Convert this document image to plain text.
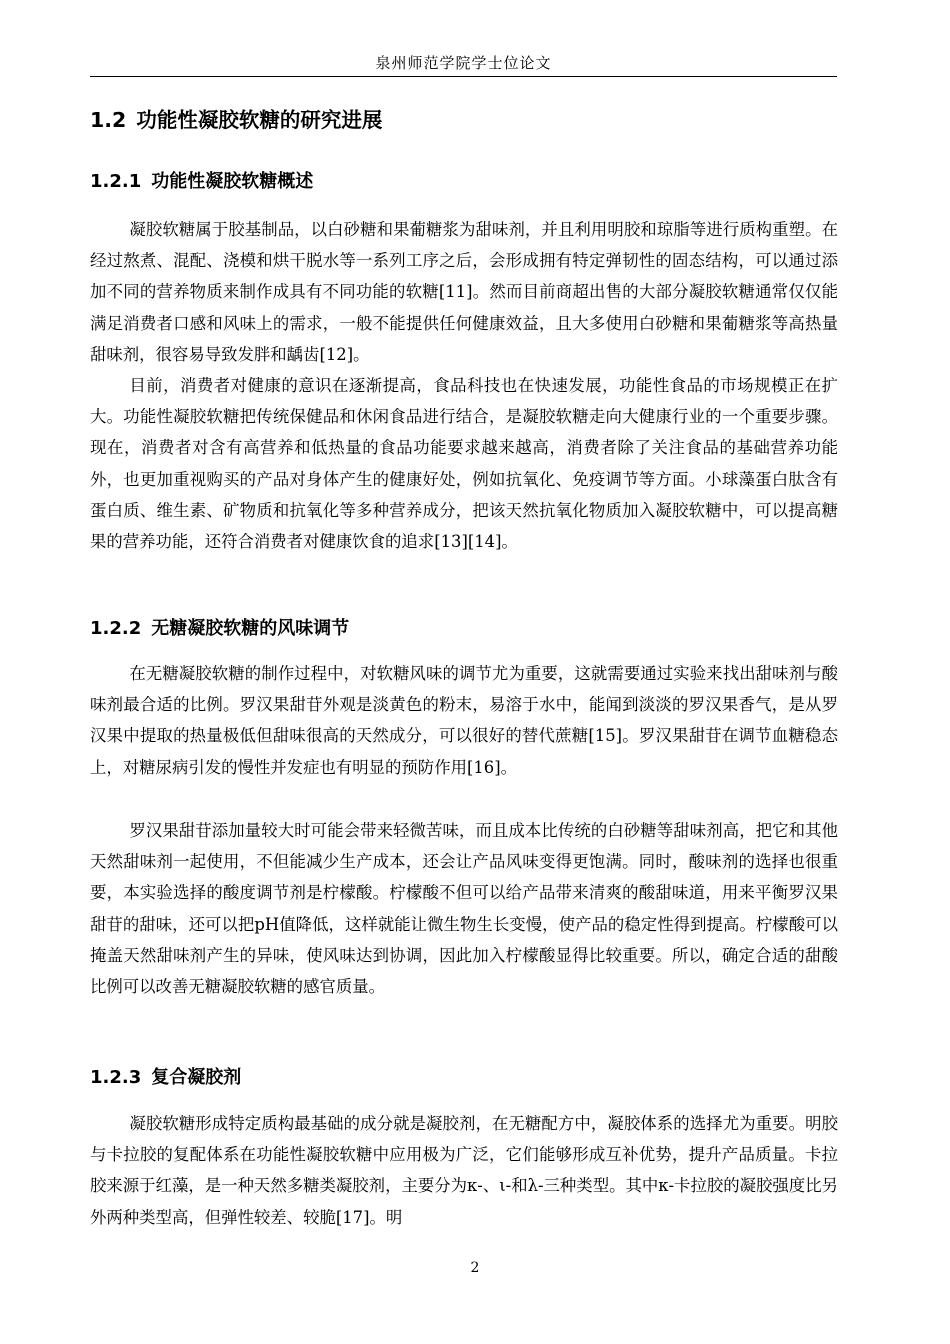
泉州师范学院学士位论文
1.2 功能性凝胶软糖的研究进展
1.2.1 功能性凝胶软糖概述

凝胶软糖属于胶基制品，以白砂糖和果葡糖浆为甜味剂，并且利用明胶和琼脂等进行质构重塑。在经过熬煮、混配、浇模和烘干脱水等一系列工序之后，会形成拥有特定弹韧性的固态结构，可以通过添加不同的营养物质来制作成具有不同功能的软糖[11]。然而目前商超出售的大部分凝胶软糖通常仅仅能满足消费者口感和风味上的需求，一般不能提供任何健康效益，且大多使用白砂糖和果葡糖浆等高热量甜味剂，很容易导致发胖和龋齿[12]。

目前，消费者对健康的意识在逐渐提高，食品科技也在快速发展，功能性食品的市场规模正在扩大。功能性凝胶软糖把传统保健品和休闲食品进行结合，是凝胶软糖走向大健康行业的一个重要步骤。现在，消费者对含有高营养和低热量的食品功能要求越来越高，消费者除了关注食品的基础营养功能外，也更加重视购买的产品对身体产生的健康好处，例如抗氧化、免疫调节等方面。小球藻蛋白肽含有蛋白质、维生素、矿物质和抗氧化等多种营养成分，把该天然抗氧化物质加入凝胶软糖中，可以提高糖果的营养功能，还符合消费者对健康饮食的追求[13][14]。

1.2.2 无糖凝胶软糖的风味调节

在无糖凝胶软糖的制作过程中，对软糖风味的调节尤为重要，这就需要通过实验来找出甜味剂与酸味剂最合适的比例。罗汉果甜苷外观是淡黄色的粉末，易溶于水中，能闻到淡淡的罗汉果香气，是从罗汉果中提取的热量极低但甜味很高的天然成分，可以很好的替代蔗糖[15]。罗汉果甜苷在调节血糖稳态上，对糖尿病引发的慢性并发症也有明显的预防作用[16]。

罗汉果甜苷添加量较大时可能会带来轻微苦味，而且成本比传统的白砂糖等甜味剂高，把它和其他天然甜味剂一起使用，不但能减少生产成本，还会让产品风味变得更饱满。同时，酸味剂的选择也很重要，本实验选择的酸度调节剂是柠檬酸。柠檬酸不但可以给产品带来清爽的酸甜味道，用来平衡罗汉果甜苷的甜味，还可以把pH值降低，这样就能让微生物生长变慢，使产品的稳定性得到提高。柠檬酸可以掩盖天然甜味剂产生的异味，使风味达到协调，因此加入柠檬酸显得比较重要。所以，确定合适的甜酸比例可以改善无糖凝胶软糖的感官质量。

1.2.3 复合凝胶剂

凝胶软糖形成特定质构最基础的成分就是凝胶剂，在无糖配方中，凝胶体系的选择尤为重要。明胶与卡拉胶的复配体系在功能性凝胶软糖中应用极为广泛，它们能够形成互补优势，提升产品质量。卡拉胶来源于红藻，是一种天然多糖类凝胶剂，主要分为κ-、ι-和λ-三种类型。其中κ-卡拉胶的凝胶强度比另外两种类型高，但弹性较差、较脆[17]。明

2
